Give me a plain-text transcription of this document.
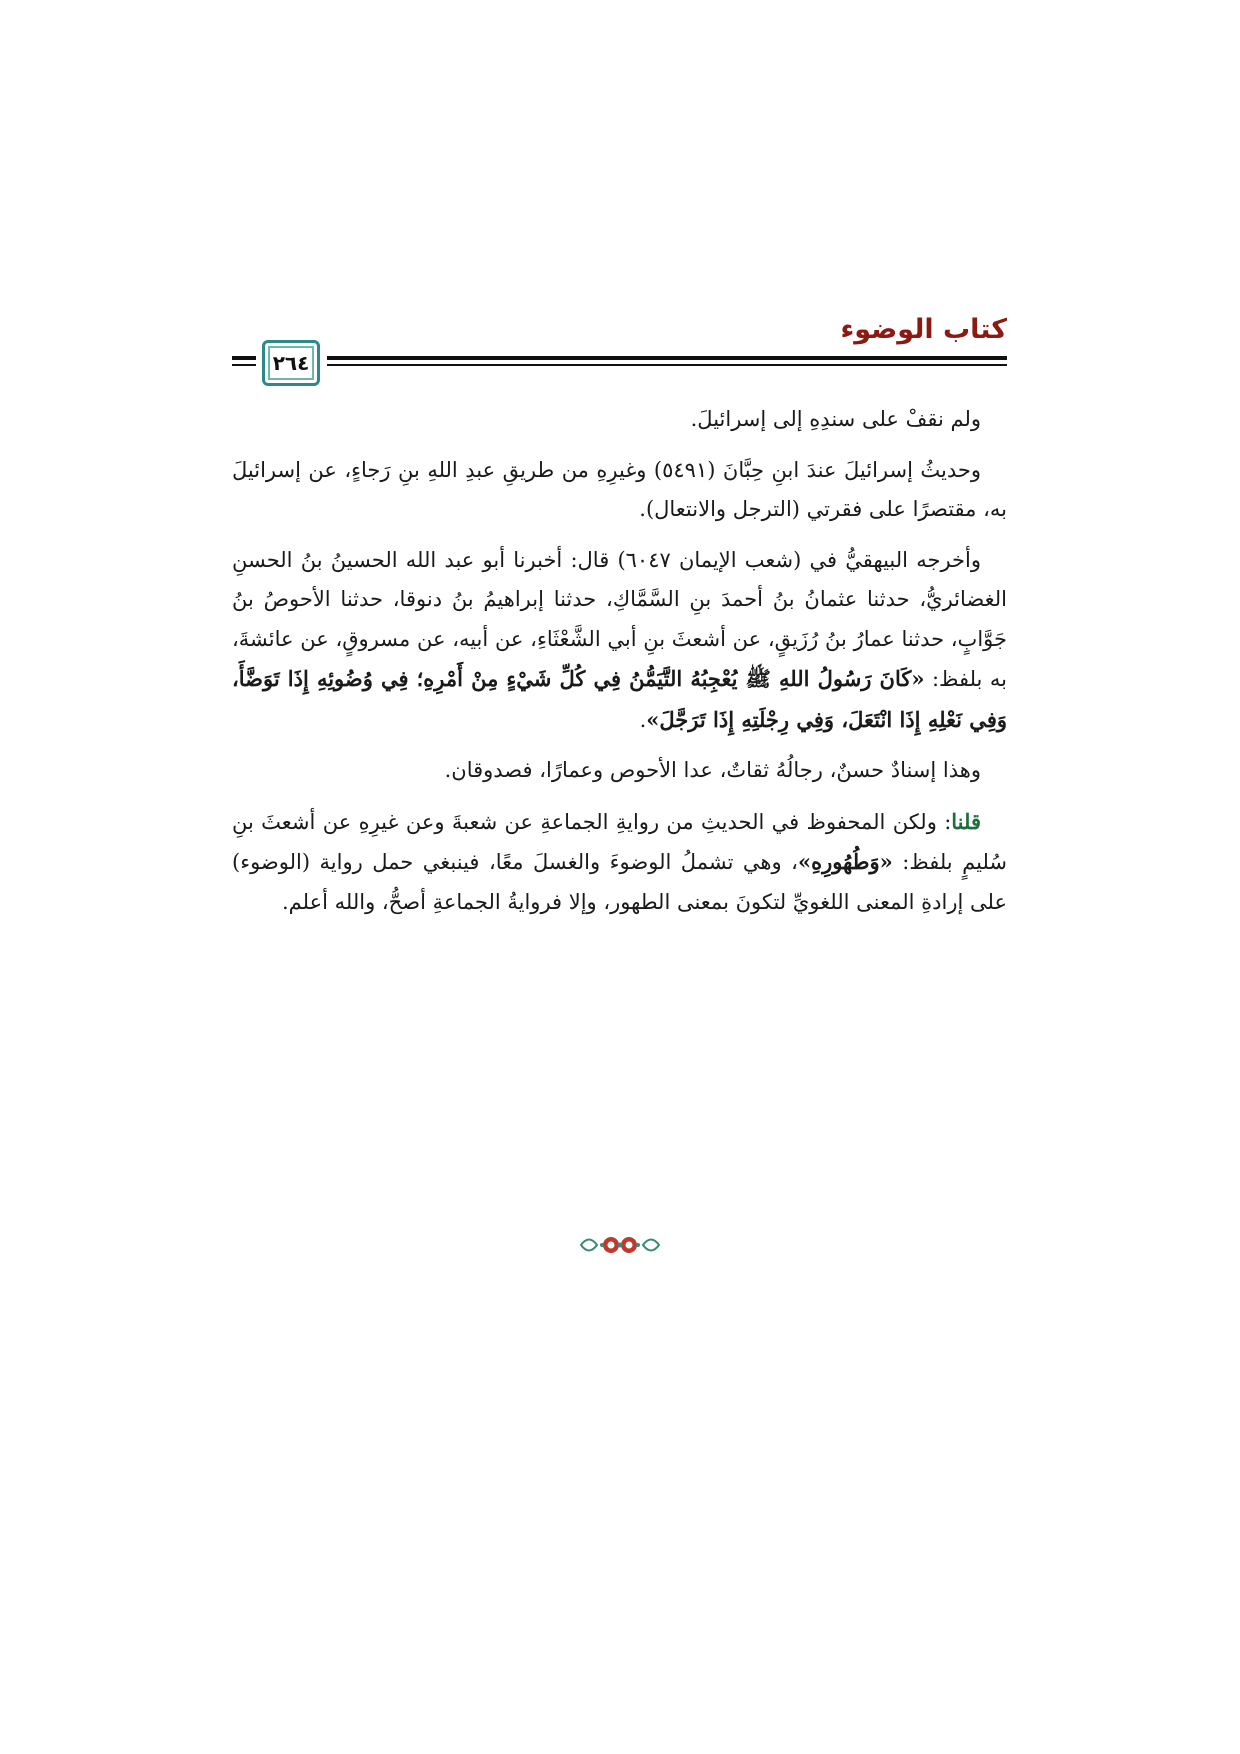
كتاب الوضوء
٢٦٤

ولم نقفْ على سندِهِ إلى إسرائيلَ.

وحديثُ إسرائيلَ عندَ ابنِ حِبَّانَ (٥٤٩١) وغيرِهِ من طريقِ عبدِ اللهِ بنِ رَجاءٍ، عن إسرائيلَ به، مقتصرًا على فقرتي (الترجل والانتعال).

وأخرجه البيهقيُّ في (شعب الإيمان ٦٠٤٧) قال: أخبرنا أبو عبد الله الحسينُ بنُ الحسنِ الغضائريُّ، حدثنا عثمانُ بنُ أحمدَ بنِ السَّمَّاكِ، حدثنا إبراهيمُ بنُ دنوقا، حدثنا الأحوصُ بنُ جَوَّابٍ، حدثنا عمارُ بنُ رُزَيقٍ، عن أشعثَ بنِ أبي الشَّعْثَاءِ، عن أبيه، عن مسروقٍ، عن عائشةَ، به بلفظ: «كَانَ رَسُولُ اللهِ ﷺ يُعْجِبُهُ التَّيَمُّنُ فِي كُلِّ شَيْءٍ مِنْ أَمْرِهِ؛ فِي وُضُوئِهِ إِذَا تَوَضَّأَ، وَفِي نَعْلِهِ إِذَا انْتَعَلَ، وَفِي رِجْلَتِهِ إِذَا تَرَجَّلَ».

وهذا إسنادٌ حسنٌ، رجالُهُ ثقاتٌ، عدا الأحوص وعمارًا، فصدوقان.

قلنا: ولكن المحفوظ في الحديثِ من روايةِ الجماعةِ عن شعبةَ وعن غيرِهِ عن أشعثَ بنِ سُليمٍ بلفظ: «وَطُهُورِهِ»، وهي تشملُ الوضوءَ والغسلَ معًا، فينبغي حمل رواية (الوضوء) على إرادةِ المعنى اللغويِّ لتكونَ بمعنى الطهور، وإلا فروايةُ الجماعةِ أصحُّ، والله أعلم.
